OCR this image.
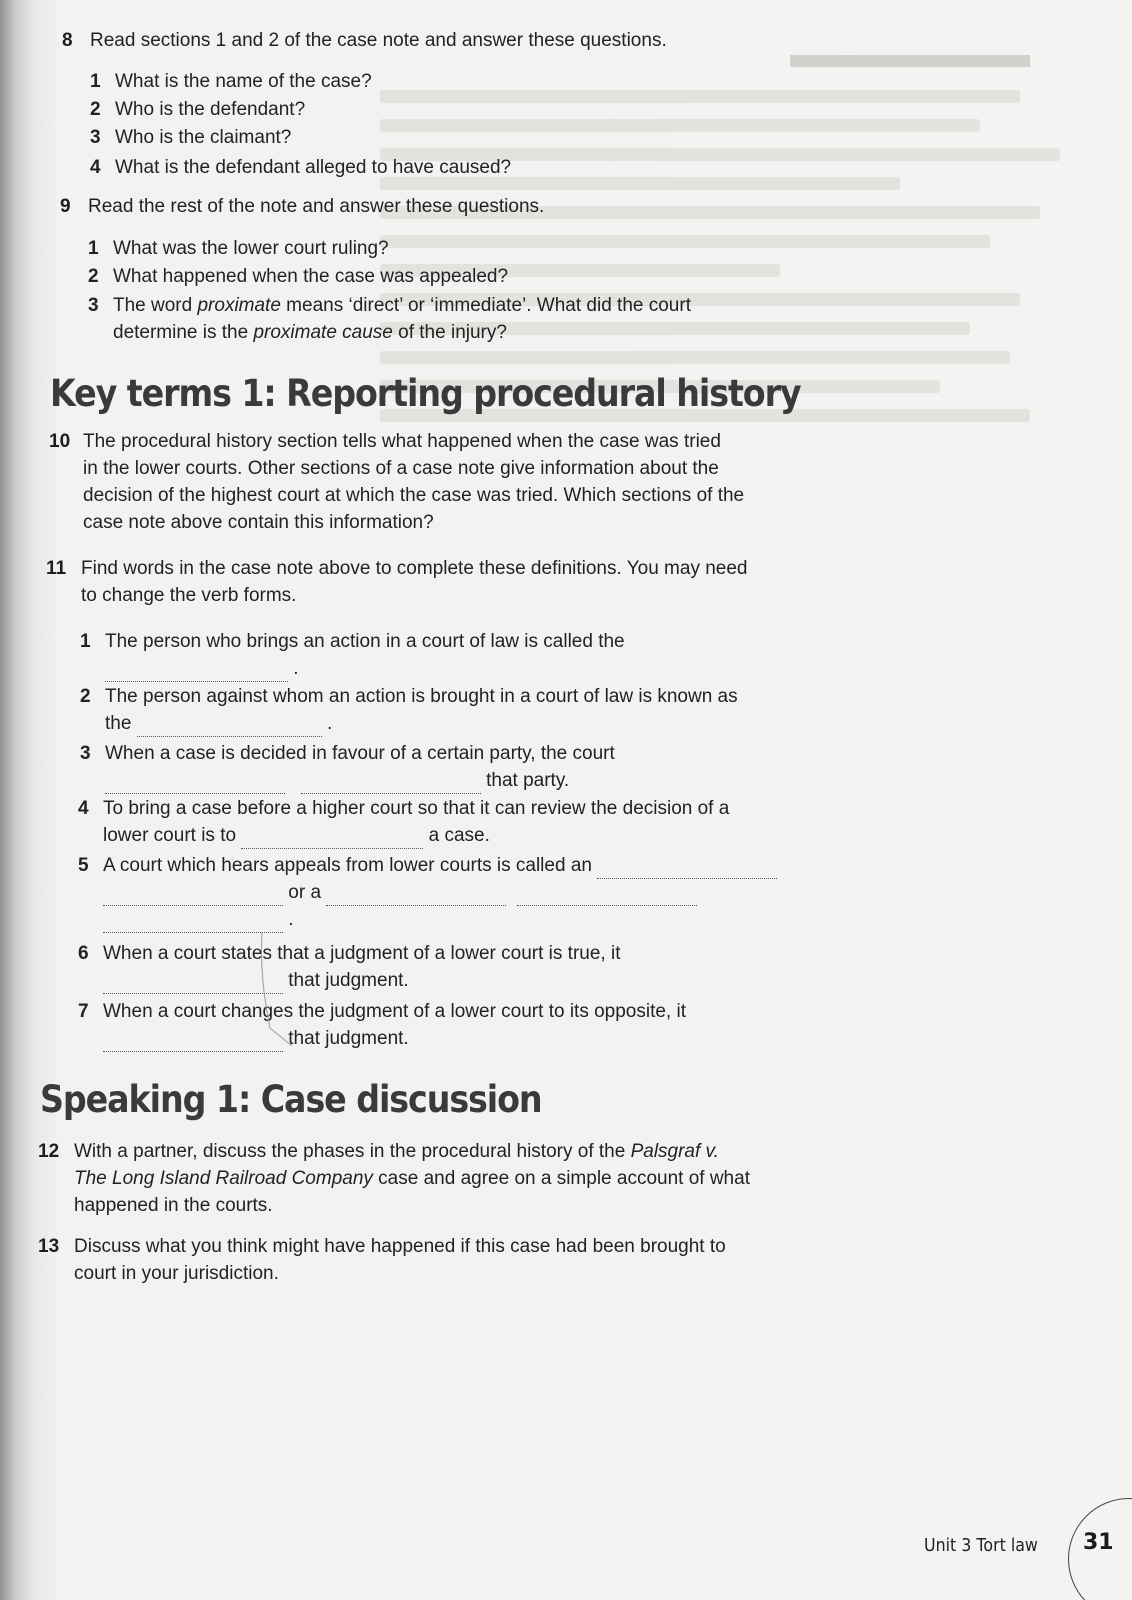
▬▬▬▬▬▬
8 Read sections 1 and 2 of the case note and answer these questions.
1 What is the name of the case?
2 Who is the defendant?
3 Who is the claimant?
4 What is the defendant alleged to have caused?
9 Read the rest of the note and answer these questions.
1 What was the lower court ruling?
2 What happened when the case was appealed?
3 The word proximate means ‘direct’ or ‘immediate’. What did the court
determine is the proximate cause of the injury?
Key terms 1: Reporting procedural history
10 The procedural history section tells what happened when the case was tried
in the lower courts. Other sections of a case note give information about the
decision of the highest court at which the case was tried. Which sections of the
case note above contain this information?
11 Find words in the case note above to complete these definitions. You may need
to change the verb forms.
1 The person who brings an action in a court of law is called the
.
2 The person against whom an action is brought in a court of law is known as
the	.
3 When a case is decided in favour of a certain party, the court
that party.
4 To bring a case before a higher court so that it can review the decision of a
lower court is to	a case.
5 A court which hears appeals from lower courts is called an
or a
.
6 When a court states that a judgment of a lower court is true, it
that judgment.
7 When a court changes the judgment of a lower court to its opposite, it
that judgment.
Speaking 1: Case discussion
12 With a partner, discuss the phases in the procedural history of the Palsgraf v.
The Long Island Railroad Company case and agree on a simple account of what
happened in the courts.
13 Discuss what you think might have happened if this case had been brought to
court in your jurisdiction.
Unit 3 Tort law 31
